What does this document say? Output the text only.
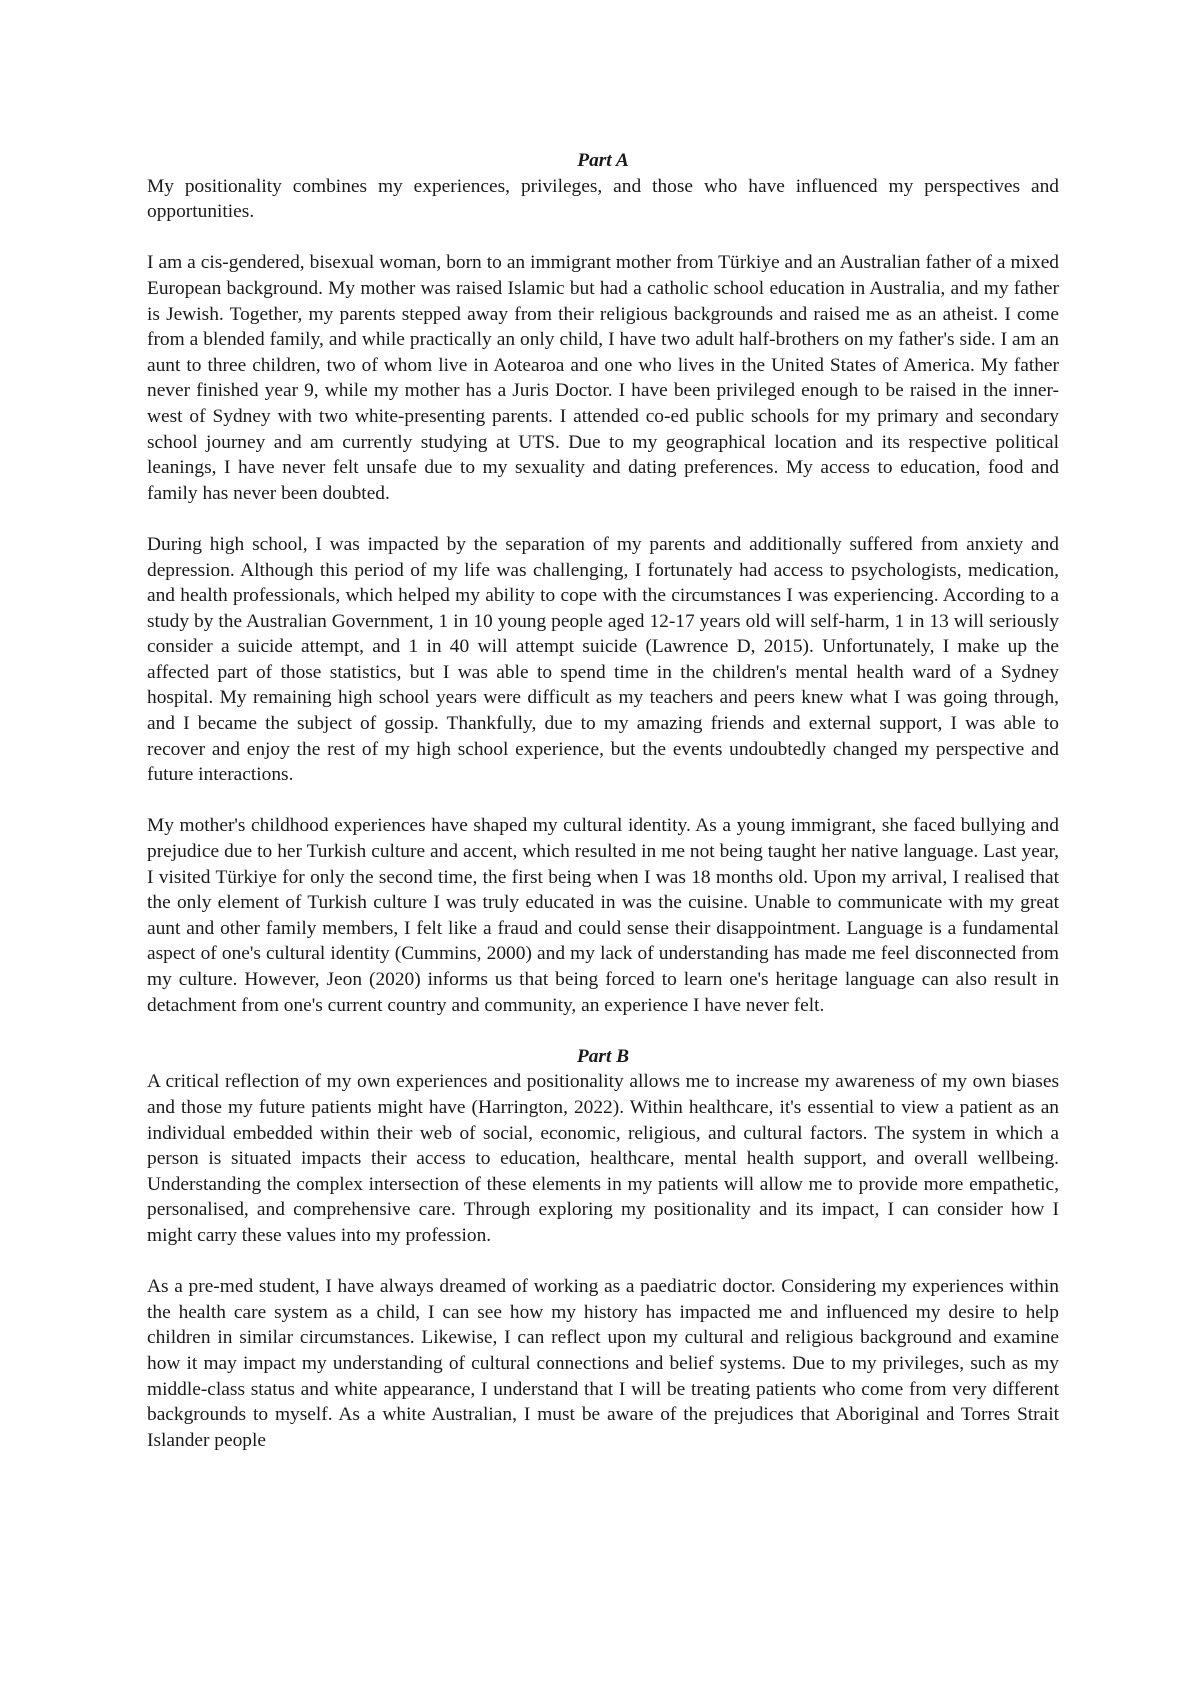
Part A

My positionality combines my experiences, privileges, and those who have influenced my perspectives and opportunities.

I am a cis-gendered, bisexual woman, born to an immigrant mother from Türkiye and an Australian father of a mixed European background. My mother was raised Islamic but had a catholic school education in Australia, and my father is Jewish. Together, my parents stepped away from their religious backgrounds and raised me as an atheist. I come from a blended family, and while practically an only child, I have two adult half-brothers on my father's side. I am an aunt to three children, two of whom live in Aotearoa and one who lives in the United States of America. My father never finished year 9, while my mother has a Juris Doctor. I have been privileged enough to be raised in the inner-west of Sydney with two white-presenting parents. I attended co-ed public schools for my primary and secondary school journey and am currently studying at UTS. Due to my geographical location and its respective political leanings, I have never felt unsafe due to my sexuality and dating preferences. My access to education, food and family has never been doubted.

During high school, I was impacted by the separation of my parents and additionally suffered from anxiety and depression. Although this period of my life was challenging, I fortunately had access to psychologists, medication, and health professionals, which helped my ability to cope with the circumstances I was experiencing. According to a study by the Australian Government, 1 in 10 young people aged 12-17 years old will self-harm, 1 in 13 will seriously consider a suicide attempt, and 1 in 40 will attempt suicide (Lawrence D, 2015). Unfortunately, I make up the affected part of those statistics, but I was able to spend time in the children's mental health ward of a Sydney hospital. My remaining high school years were difficult as my teachers and peers knew what I was going through, and I became the subject of gossip. Thankfully, due to my amazing friends and external support, I was able to recover and enjoy the rest of my high school experience, but the events undoubtedly changed my perspective and future interactions.

My mother's childhood experiences have shaped my cultural identity. As a young immigrant, she faced bullying and prejudice due to her Turkish culture and accent, which resulted in me not being taught her native language. Last year, I visited Türkiye for only the second time, the first being when I was 18 months old. Upon my arrival, I realised that the only element of Turkish culture I was truly educated in was the cuisine. Unable to communicate with my great aunt and other family members, I felt like a fraud and could sense their disappointment. Language is a fundamental aspect of one's cultural identity (Cummins, 2000) and my lack of understanding has made me feel disconnected from my culture. However, Jeon (2020) informs us that being forced to learn one's heritage language can also result in detachment from one's current country and community, an experience I have never felt.

Part B

A critical reflection of my own experiences and positionality allows me to increase my awareness of my own biases and those my future patients might have (Harrington, 2022). Within healthcare, it's essential to view a patient as an individual embedded within their web of social, economic, religious, and cultural factors. The system in which a person is situated impacts their access to education, healthcare, mental health support, and overall wellbeing. Understanding the complex intersection of these elements in my patients will allow me to provide more empathetic, personalised, and comprehensive care. Through exploring my positionality and its impact, I can consider how I might carry these values into my profession.

As a pre-med student, I have always dreamed of working as a paediatric doctor. Considering my experiences within the health care system as a child, I can see how my history has impacted me and influenced my desire to help children in similar circumstances. Likewise, I can reflect upon my cultural and religious background and examine how it may impact my understanding of cultural connections and belief systems. Due to my privileges, such as my middle-class status and white appearance, I understand that I will be treating patients who come from very different backgrounds to myself. As a white Australian, I must be aware of the prejudices that Aboriginal and Torres Strait Islander people
